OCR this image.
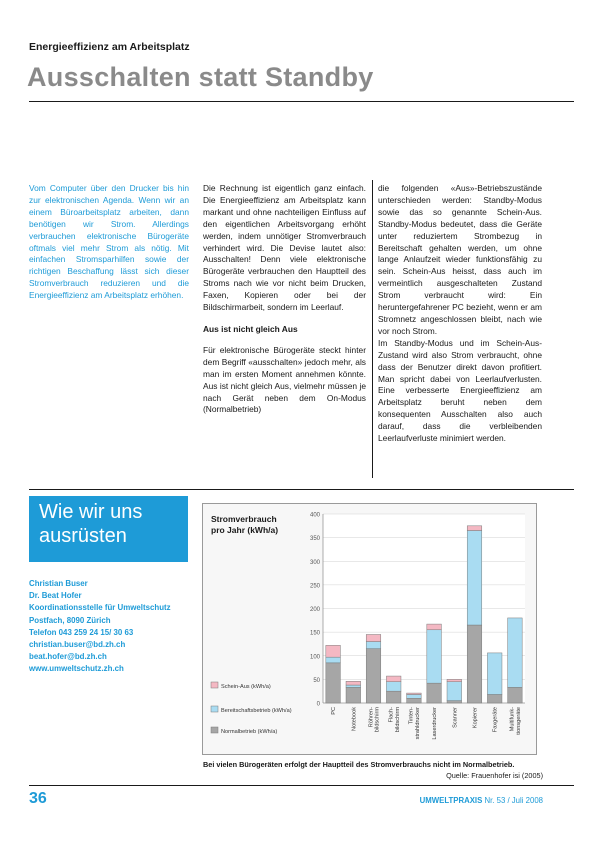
Energieeffizienz am Arbeitsplatz
Ausschalten statt Standby
Vom Computer über den Drucker bis hin zur elektronischen Agenda. Wenn wir an einem Büroarbeitsplatz arbeiten, dann benötigen wir Strom. Allerdings verbrauchen elektronische Bürogeräte oftmals viel mehr Strom als nötig. Mit einfachen Stromsparhilfen sowie der richtigen Beschaffung lässt sich dieser Stromverbrauch reduzieren und die Energieeffizienz am Arbeitsplatz erhöhen.

Die Rechnung ist eigentlich ganz einfach. Die Energieeffizienz am Arbeitsplatz kann markant und ohne nachteiligen Einfluss auf den eigentlichen Arbeitsvorgang erhöht werden, indem unnötiger Stromverbrauch verhindert wird. Die Devise lautet also: Ausschalten! Denn viele elektronische Bürogeräte verbrauchen den Hauptteil des Stroms nach wie vor nicht beim Drucken, Faxen, Kopieren oder bei der Bildschirmarbeit, sondern im Leerlauf.

Aus ist nicht gleich Aus

Für elektronische Bürogeräte steckt hinter dem Begriff «ausschalten» jedoch mehr, als man im ersten Moment annehmen könnte. Aus ist nicht gleich Aus, vielmehr müssen je nach Gerät neben dem On-Modus (Normalbetrieb)

die folgenden «Aus»-Betriebszustände unterschieden werden: Standby-Modus sowie das so genannte Schein-Aus. Standby-Modus bedeutet, dass die Geräte unter reduziertem Strombezug in Bereitschaft gehalten werden, um ohne lange Anlaufzeit wieder funktionsfähig zu sein. Schein-Aus heisst, dass auch im vermeintlich ausgeschalteten Zustand Strom verbraucht wird: Ein heruntergefahrener PC bezieht, wenn er am Stromnetz angeschlossen bleibt, nach wie vor noch Strom.

Im Standby-Modus und im Schein-Aus-Zustand wird also Strom verbraucht, ohne dass der Benutzer direkt davon profitiert. Man spricht dabei von Leerlaufverlusten. Eine verbesserte Energieeffizienz am Arbeitsplatz beruht neben dem konsequenten Ausschalten also auch darauf, dass die verbleibenden Leerlaufverluste minimiert werden.

Wie wir uns
ausrüsten
Christian Buser
Dr. Beat Hofer
Koordinationsstelle für Umweltschutz
Postfach, 8090 Zürich
Telefon 043 259 24 15/ 30 63
christian.buser@bd.zh.ch
beat.hofer@bd.zh.ch
www.umweltschutz.zh.ch
Stromverbrauch
pro Jahr (kWh/a)
0
50
100
150
200
250
300
350
400
PC	Notebook Röhren- bildschirm Flach- bildschirm Tinten- strahldrucker Laserdrucker	Scanner	Kopierer	Faxgeräte Multifunk- tionsgeräte
Schein-Aus (kWh/a)
Bereitschaftsbetrieb (kWh/a)
Normalbetrieb (kWh/a)
Bei vielen Bürogeräten erfolgt der Hauptteil des Stromverbrauchs nicht im Normalbetrieb.
Quelle: Frauenhofer isi (2005)
36	UMWELTPRAXIS Nr. 53 / Juli 2008
